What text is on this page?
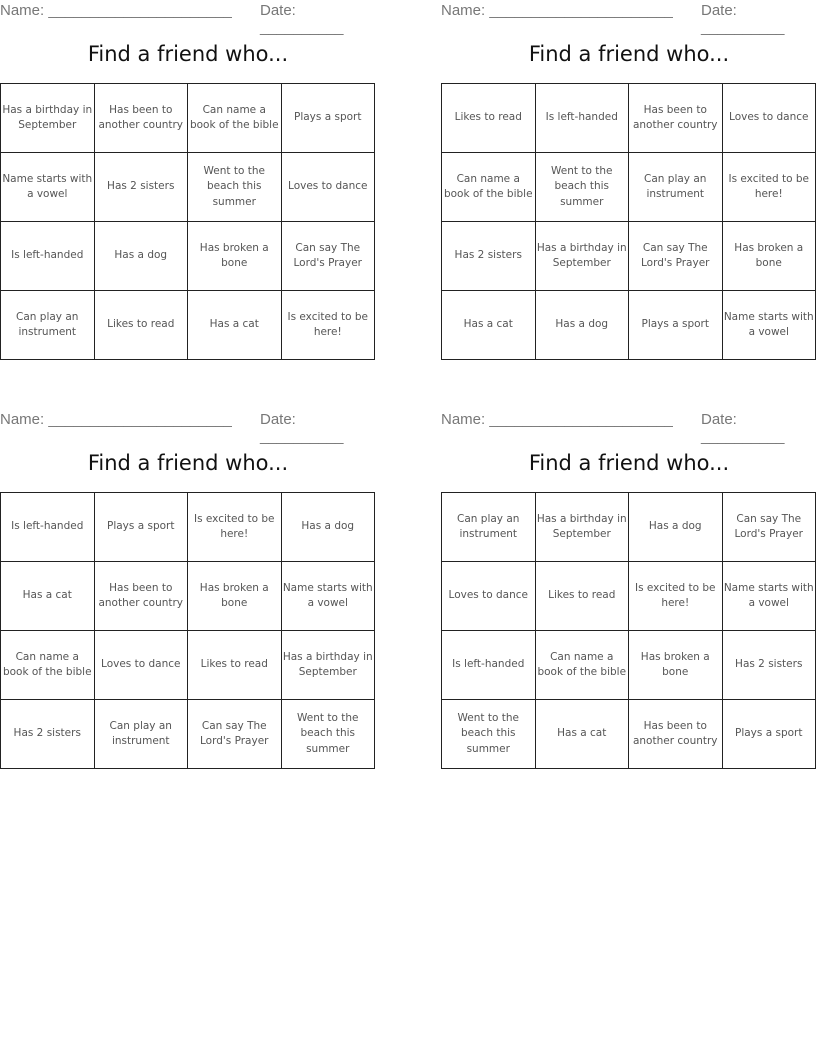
Name: ______________________ Date: __________
Find a friend who...
Has a birthday in September	Has been to another country	Can name a book of the bible	Plays a sport
Name starts with a vowel	Has 2 sisters	Went to the beach this summer	Loves to dance
Is left-handed	Has a dog	Has broken a bone	Can say The Lord's Prayer
Can play an instrument	Likes to read	Has a cat	Is excited to be here!
Name: ______________________ Date: __________
Find a friend who...
Likes to read	Is left-handed	Has been to another country	Loves to dance
Can name a book of the bible	Went to the beach this summer	Can play an instrument	Is excited to be here!
Has 2 sisters	Has a birthday in September	Can say The Lord's Prayer	Has broken a bone
Has a cat	Has a dog	Plays a sport	Name starts with a vowel
Name: ______________________ Date: __________
Find a friend who...
Is left-handed	Plays a sport	Is excited to be here!	Has a dog
Has a cat	Has been to another country	Has broken a bone	Name starts with a vowel
Can name a book of the bible	Loves to dance	Likes to read	Has a birthday in September
Has 2 sisters	Can play an instrument	Can say The Lord's Prayer	Went to the beach this summer
Name: ______________________ Date: __________
Find a friend who...
Can play an instrument	Has a birthday in September	Has a dog	Can say The Lord's Prayer
Loves to dance	Likes to read	Is excited to be here!	Name starts with a vowel
Is left-handed	Can name a book of the bible	Has broken a bone	Has 2 sisters
Went to the beach this summer	Has a cat	Has been to another country	Plays a sport
